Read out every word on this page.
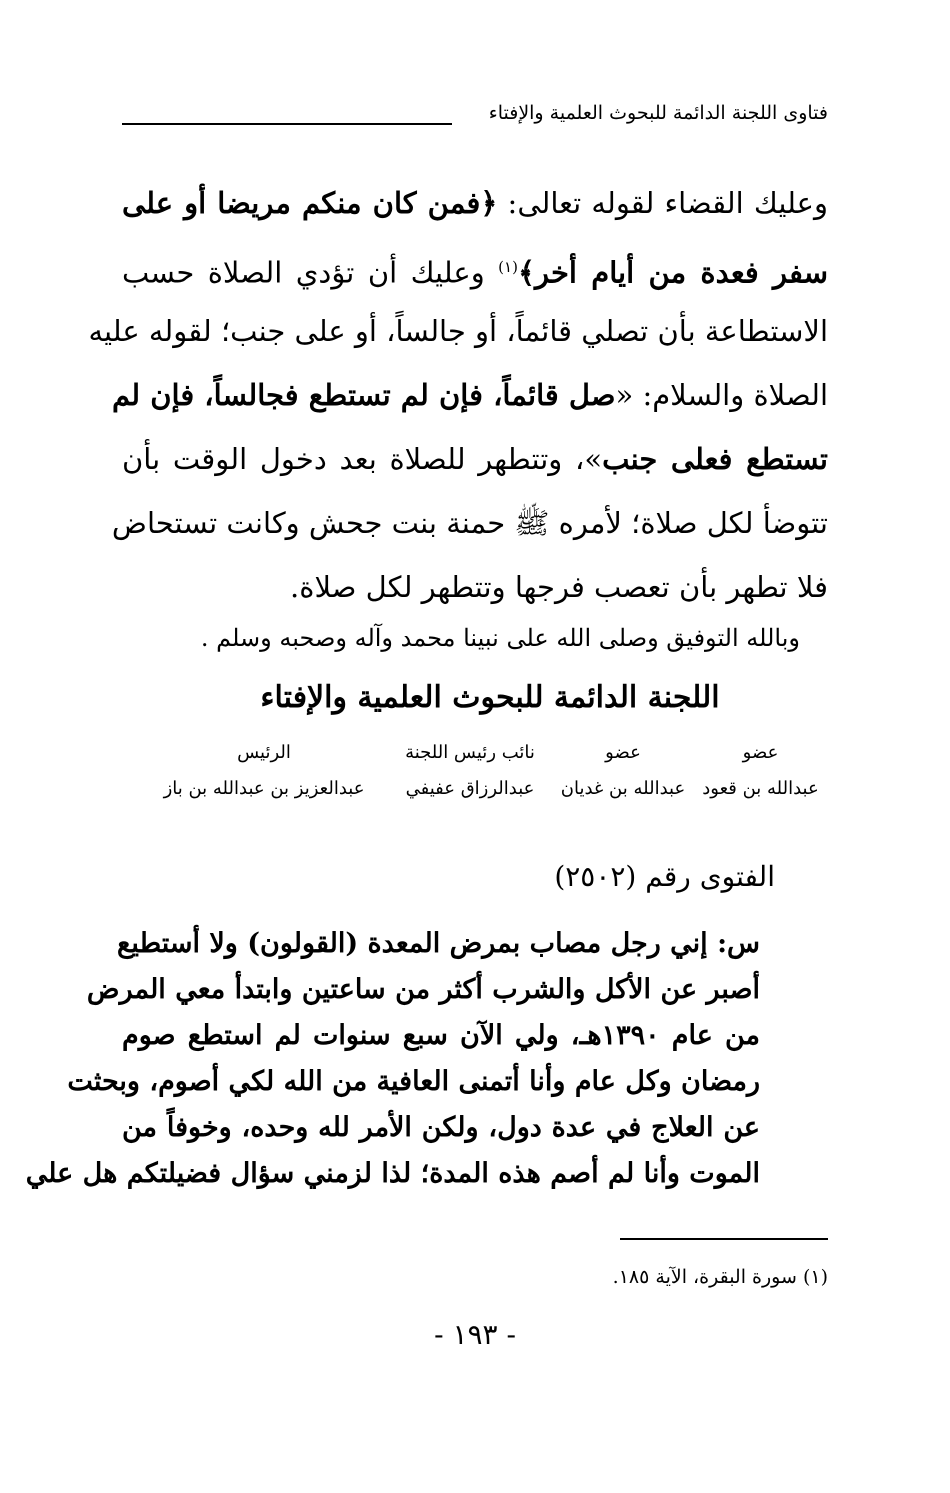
فتاوى اللجنة الدائمة للبحوث العلمية والإفتاء
وعليك القضاء لقوله تعالى: ﴿فمن كان منكم مريضا أو على
سفر فعدة من أيام أخر﴾$^{(١)}$ وعليك أن تؤدي الصلاة حسب
الاستطاعة بأن تصلي قائماً، أو جالساً، أو على جنب؛ لقوله عليه
الصلاة والسلام: «صل قائماً، فإن لم تستطع فجالساً، فإن لم
تستطع فعلى جنب»، وتتطهر للصلاة بعد دخول الوقت بأن
تتوضأ لكل صلاة؛ لأمره ﷺ حمنة بنت جحش وكانت تستحاض
فلا تطهر بأن تعصب فرجها وتتطهر لكل صلاة.
وبالله التوفيق وصلى الله على نبينا محمد وآله وصحبه وسلم .
اللجنة الدائمة للبحوث العلمية والإفتاء
عضو
عبدالله بن قعود
عضو
عبدالله بن غديان
نائب رئيس اللجنة
عبدالرزاق عفيفي
الرئيس
عبدالعزيز بن عبدالله بن باز
الفتوى رقم (٢٥٠٢)
س: إني رجل مصاب بمرض المعدة (القولون) ولا أستطيع
أصبر عن الأكل والشرب أكثر من ساعتين وابتدأ معي المرض
من عام ١٣٩٠هـ، ولي الآن سبع سنوات لم استطع صوم
رمضان وكل عام وأنا أتمنى العافية من الله لكي أصوم، وبحثت
عن العلاج في عدة دول، ولكن الأمر لله وحده، وخوفاً من
الموت وأنا لم أصم هذه المدة؛ لذا لزمني سؤال فضيلتكم هل علي
(١) سورة البقرة، الآية ١٨٥.
- ١٩٣ -
